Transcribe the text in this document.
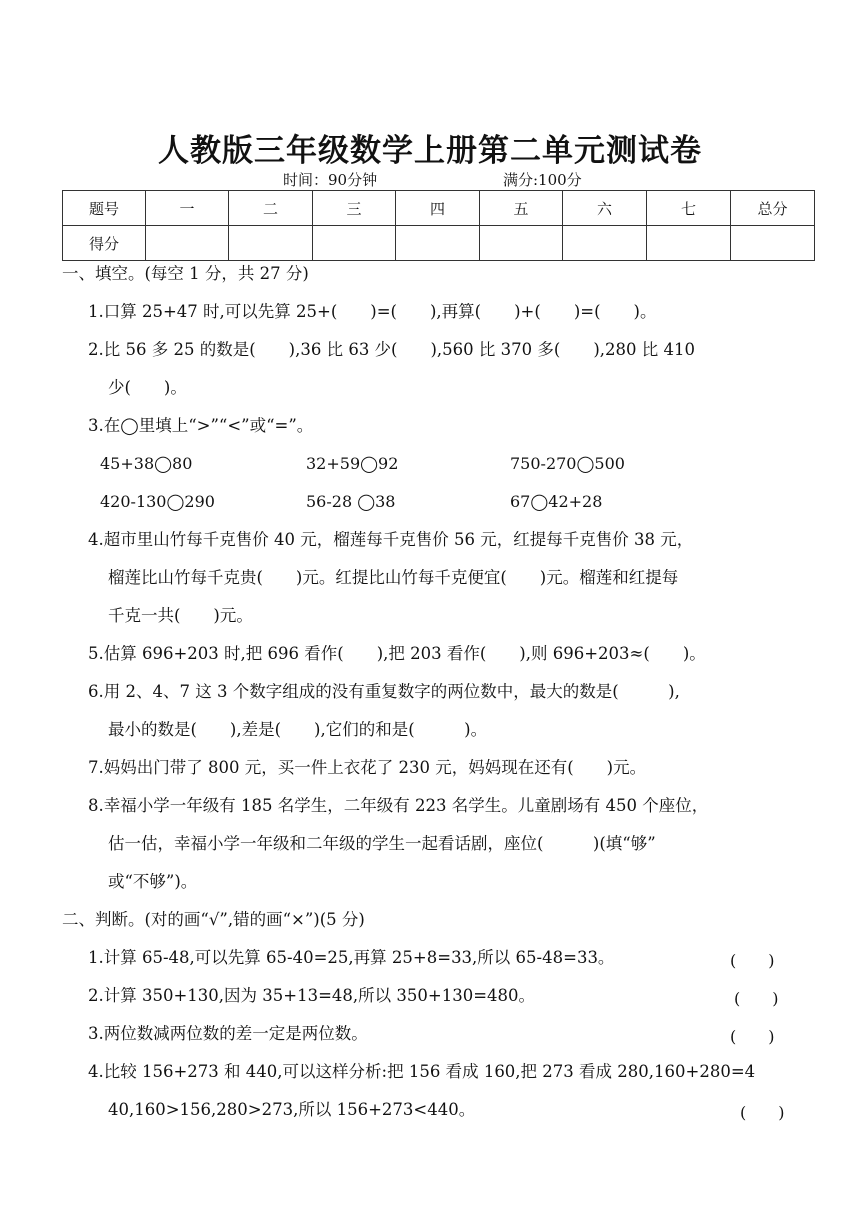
人教版三年级数学上册第二单元测试卷
时间：90分钟	满分:100分
题号	一	二	三	四	五	六	七	总分
得分								
一、填空。(每空 1 分，共 27 分)
1.口算 25+47 时,可以先算 25+(　　)=(　　),再算(　　)+(　　)=(　　)。
2.比 56 多 25 的数是(　　),36 比 63 少(　　),560 比 370 多(　　),280 比 410
少(　　)。
3.在◯里填上“>”“<”或“=”。
45+38◯80	32+59◯92	750-270◯500
420-130◯290	56-28 ◯38	67◯42+28
4.超市里山竹每千克售价 40 元，榴莲每千克售价 56 元，红提每千克售价 38 元，
榴莲比山竹每千克贵(　　)元。红提比山竹每千克便宜(　　)元。榴莲和红提每
千克一共(　　)元。
5.估算 696+203 时,把 696 看作(　　),把 203 看作(　　),则 696+203≈(　　)。
6.用 2、4、7 这 3 个数字组成的没有重复数字的两位数中，最大的数是(　　　),
最小的数是(　　),差是(　　),它们的和是(　　　)。
7.妈妈出门带了 800 元，买一件上衣花了 230 元，妈妈现在还有(　　)元。
8.幸福小学一年级有 185 名学生，二年级有 223 名学生。儿童剧场有 450 个座位，
估一估，幸福小学一年级和二年级的学生一起看话剧，座位(　　　)(填“够”
或“不够”)。
二、判断。(对的画“√”,错的画“×”)(5 分)
1.计算 65-48,可以先算 65-40=25,再算 25+8=33,所以 65-48=33。	(　　)
2.计算 350+130,因为 35+13=48,所以 350+130=480。	(　　)
3.两位数减两位数的差一定是两位数。	(　　)
4.比较 156+273 和 440,可以这样分析:把 156 看成 160,把 273 看成 280,160+280=4
40,160>156,280>273,所以 156+273<440。	(　　)
